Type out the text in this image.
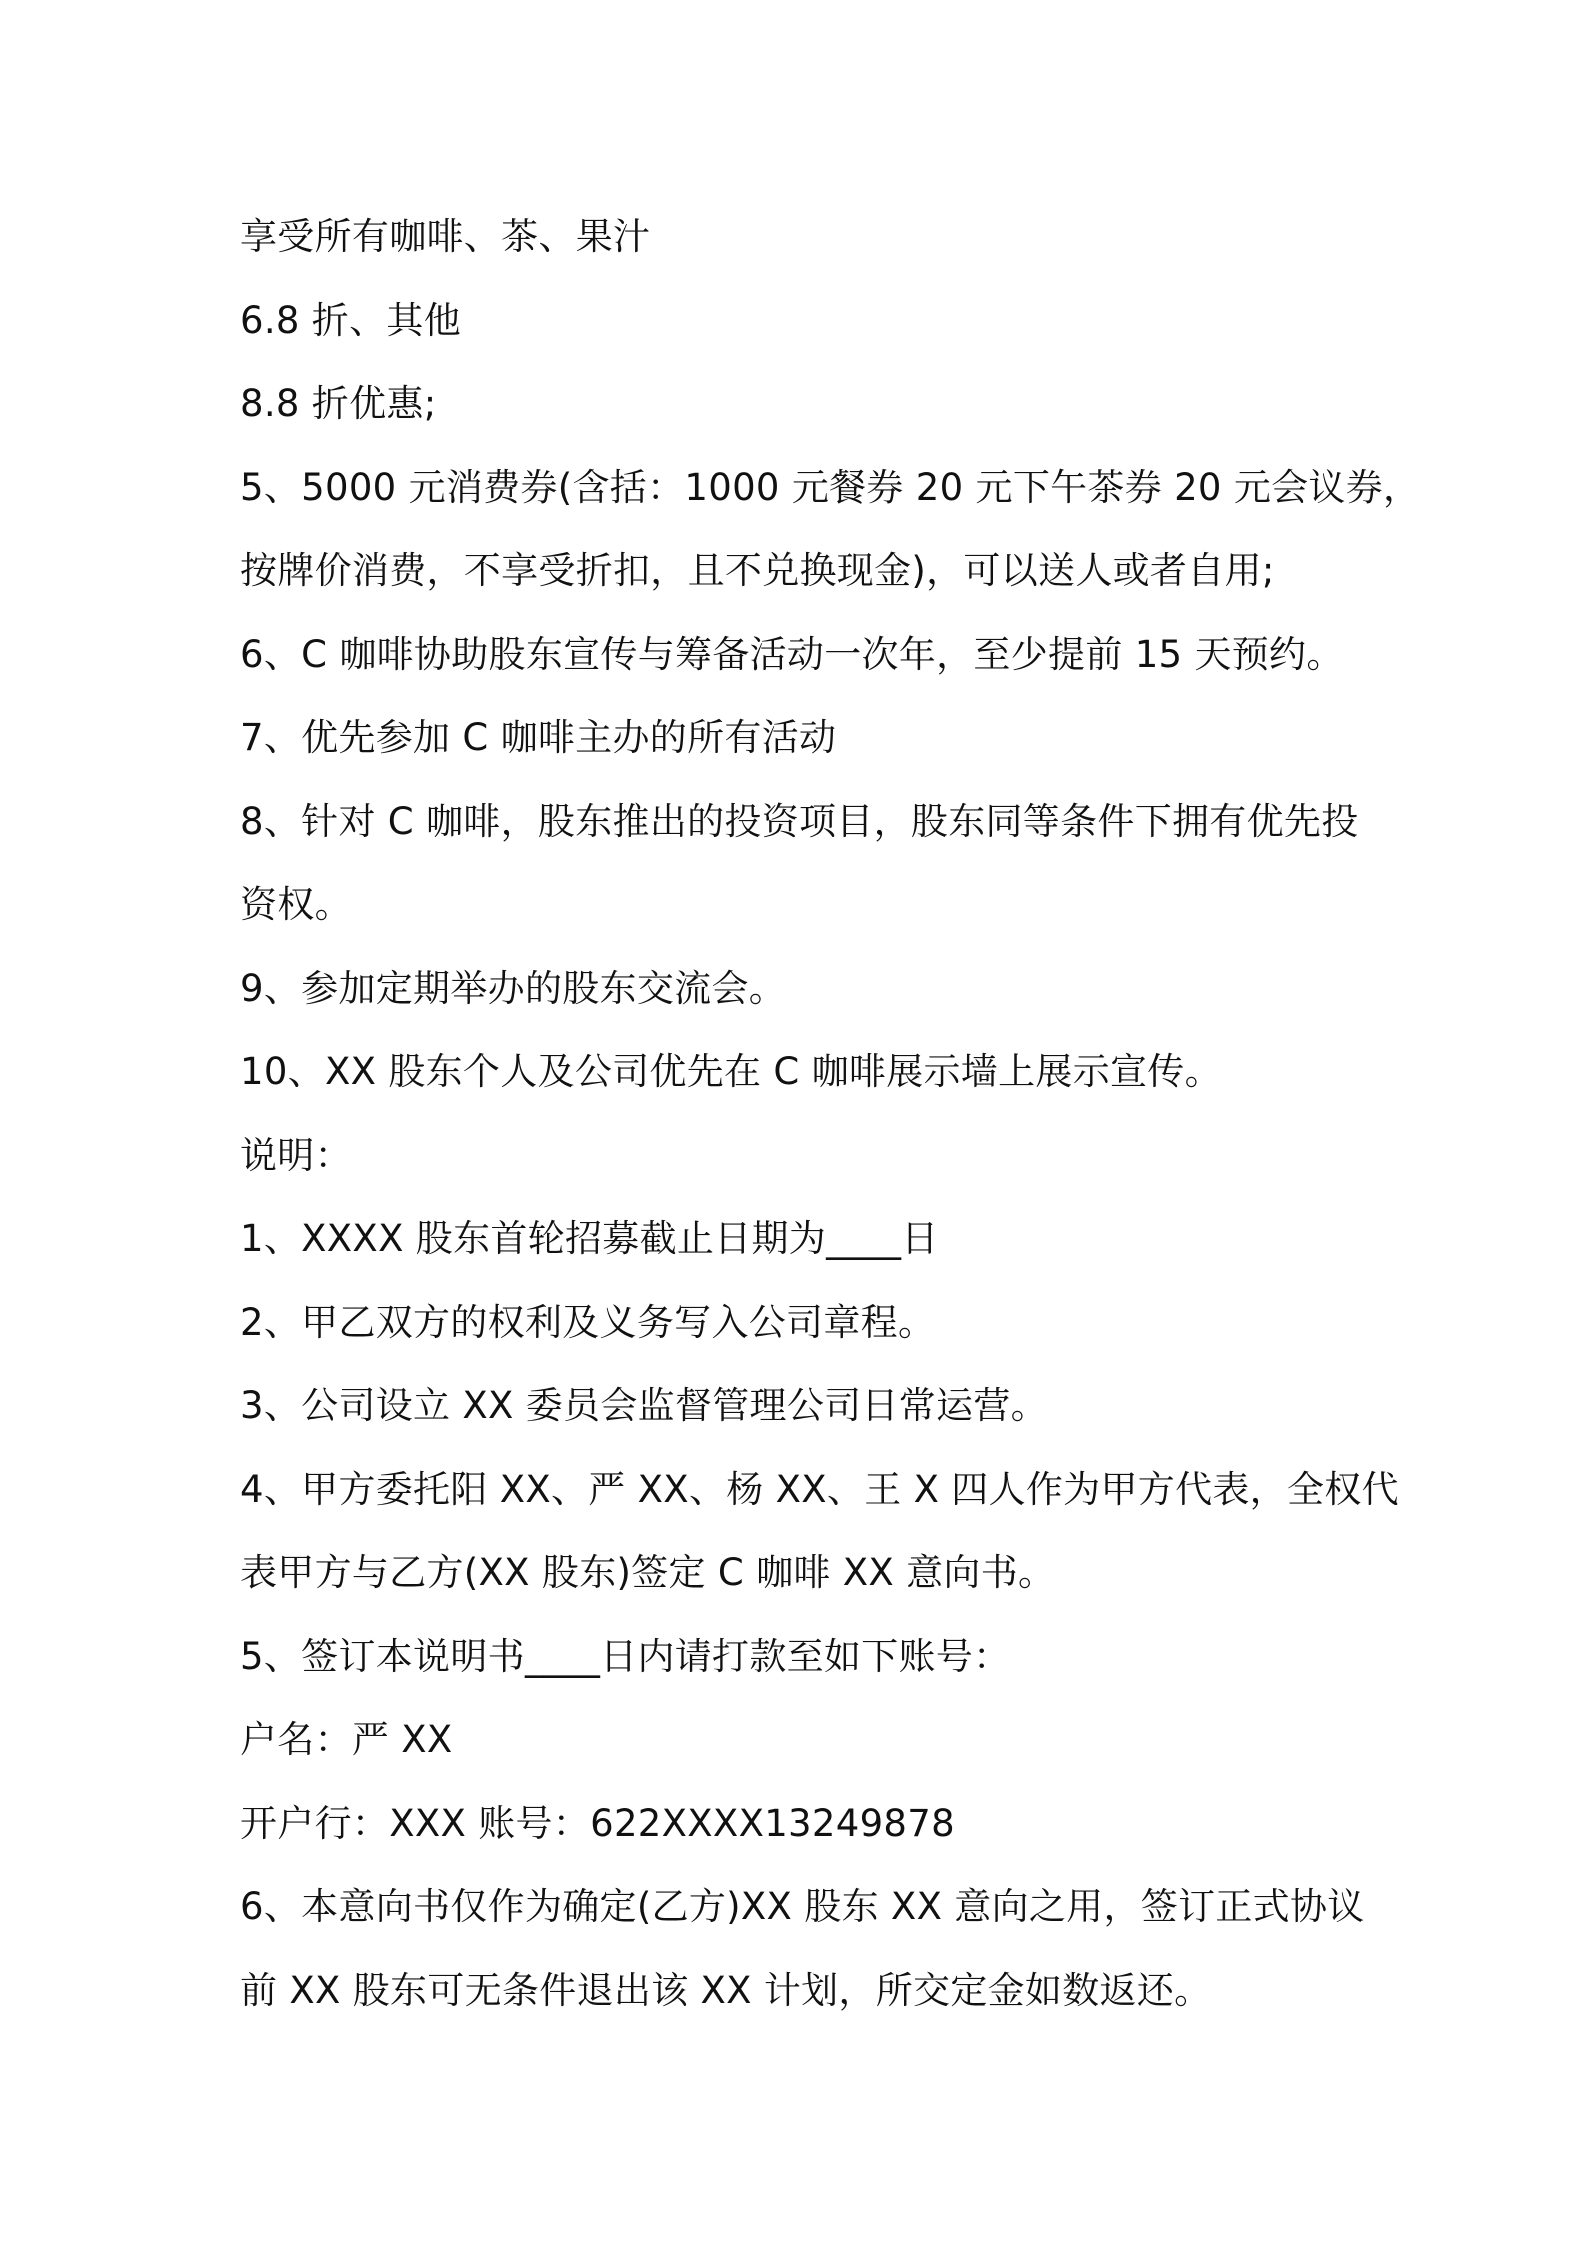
享受所有咖啡、茶、果汁
6.8 折、其他
8.8 折优惠;
5、5000 元消费券(含括：1000 元餐券 20 元下午茶券 20 元会议券，
按牌价消费，不享受折扣，且不兑换现金)，可以送人或者自用;
6、C 咖啡协助股东宣传与筹备活动一次年，至少提前 15 天预约。
7、优先参加 C 咖啡主办的所有活动
8、针对 C 咖啡，股东推出的投资项目，股东同等条件下拥有优先投
资权。
9、参加定期举办的股东交流会。
10、XX 股东个人及公司优先在 C 咖啡展示墙上展示宣传。
说明：
1、XXXX 股东首轮招募截止日期为____日
2、甲乙双方的权利及义务写入公司章程。
3、公司设立 XX 委员会监督管理公司日常运营。
4、甲方委托阳 XX、严 XX、杨 XX、王 X 四人作为甲方代表，全权代
表甲方与乙方(XX 股东)签定 C 咖啡 XX 意向书。
5、签订本说明书____日内请打款至如下账号：
户名：严 XX
开户行：XXX 账号：622XXXX13249878
6、本意向书仅作为确定(乙方)XX 股东 XX 意向之用，签订正式协议
前 XX 股东可无条件退出该 XX 计划，所交定金如数返还。
